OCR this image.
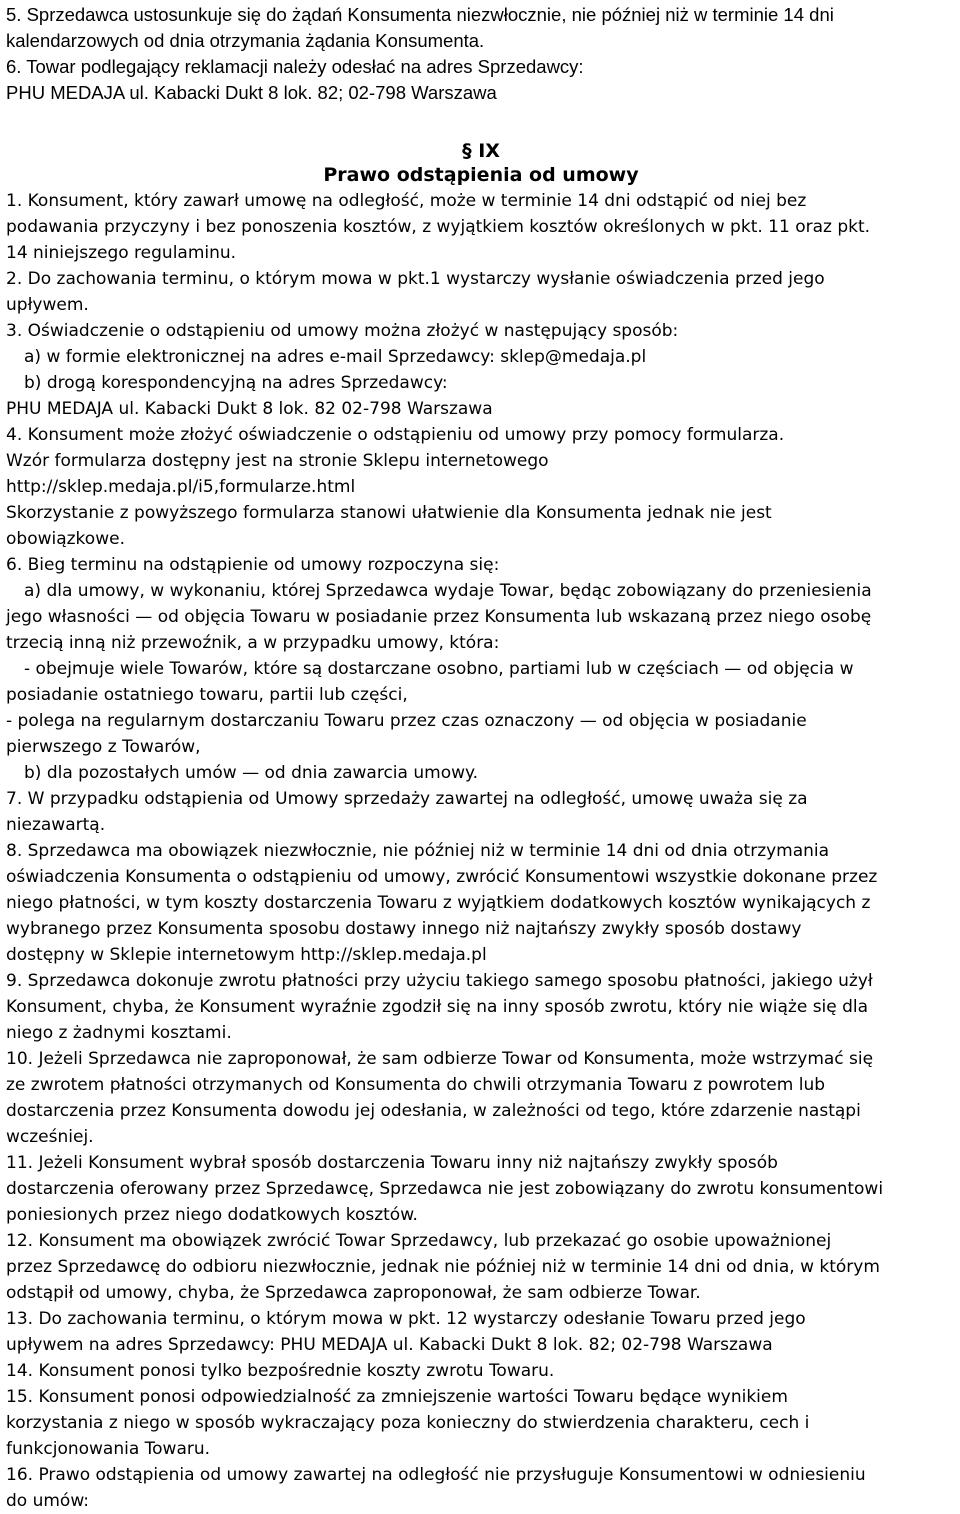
5. Sprzedawca ustosunkuje się do żądań Konsumenta niezwłocznie, nie później niż w terminie 14 dni
kalendarzowych od dnia otrzymania żądania Konsumenta.
6. Towar podlegający reklamacji należy odesłać na adres Sprzedawcy:
PHU MEDAJA ul. Kabacki Dukt 8 lok. 82; 02-798 Warszawa
§ IX
Prawo odstąpienia od umowy
1. Konsument, który zawarł umowę na odległość, może w terminie 14 dni odstąpić od niej bez
podawania przyczyny i bez ponoszenia kosztów, z wyjątkiem kosztów określonych w pkt. 11 oraz pkt.
14 niniejszego regulaminu.
2. Do zachowania terminu, o którym mowa w pkt.1 wystarczy wysłanie oświadczenia przed jego
upływem.
3. Oświadczenie o odstąpieniu od umowy można złożyć w następujący sposób:
a) w formie elektronicznej na adres e-mail Sprzedawcy: sklep@medaja.pl
b) drogą korespondencyjną na adres Sprzedawcy:
PHU MEDAJA ul. Kabacki Dukt 8 lok. 82 02-798 Warszawa
4. Konsument może złożyć oświadczenie o odstąpieniu od umowy przy pomocy formularza.
Wzór formularza dostępny jest na stronie Sklepu internetowego
http://sklep.medaja.pl/i5,formularze.html
Skorzystanie z powyższego formularza stanowi ułatwienie dla Konsumenta jednak nie jest
obowiązkowe.
6. Bieg terminu na odstąpienie od umowy rozpoczyna się:
a) dla umowy, w wykonaniu, której Sprzedawca wydaje Towar, będąc zobowiązany do przeniesienia
jego własności — od objęcia Towaru w posiadanie przez Konsumenta lub wskazaną przez niego osobę
trzecią inną niż przewoźnik, a w przypadku umowy, która:
- obejmuje wiele Towarów, które są dostarczane osobno, partiami lub w częściach — od objęcia w
posiadanie ostatniego towaru, partii lub części,
- polega na regularnym dostarczaniu Towaru przez czas oznaczony — od objęcia w posiadanie
pierwszego z Towarów,
b) dla pozostałych umów — od dnia zawarcia umowy.
7. W przypadku odstąpienia od Umowy sprzedaży zawartej na odległość, umowę uważa się za
niezawartą.
8. Sprzedawca ma obowiązek niezwłocznie, nie później niż w terminie 14 dni od dnia otrzymania
oświadczenia Konsumenta o odstąpieniu od umowy, zwrócić Konsumentowi wszystkie dokonane przez
niego płatności, w tym koszty dostarczenia Towaru z wyjątkiem dodatkowych kosztów wynikających z
wybranego przez Konsumenta sposobu dostawy innego niż najtańszy zwykły sposób dostawy
dostępny w Sklepie internetowym http://sklep.medaja.pl
9. Sprzedawca dokonuje zwrotu płatności przy użyciu takiego samego sposobu płatności, jakiego użył
Konsument, chyba, że Konsument wyraźnie zgodził się na inny sposób zwrotu, który nie wiąże się dla
niego z żadnymi kosztami.
10. Jeżeli Sprzedawca nie zaproponował, że sam odbierze Towar od Konsumenta, może wstrzymać się
ze zwrotem płatności otrzymanych od Konsumenta do chwili otrzymania Towaru z powrotem lub
dostarczenia przez Konsumenta dowodu jej odesłania, w zależności od tego, które zdarzenie nastąpi
wcześniej.
11. Jeżeli Konsument wybrał sposób dostarczenia Towaru inny niż najtańszy zwykły sposób
dostarczenia oferowany przez Sprzedawcę, Sprzedawca nie jest zobowiązany do zwrotu konsumentowi
poniesionych przez niego dodatkowych kosztów.
12. Konsument ma obowiązek zwrócić Towar Sprzedawcy, lub przekazać go osobie upoważnionej
przez Sprzedawcę do odbioru niezwłocznie, jednak nie później niż w terminie 14 dni od dnia, w którym
odstąpił od umowy, chyba, że Sprzedawca zaproponował, że sam odbierze Towar.
13. Do zachowania terminu, o którym mowa w pkt. 12 wystarczy odesłanie Towaru przed jego
upływem na adres Sprzedawcy: PHU MEDAJA ul. Kabacki Dukt 8 lok. 82; 02-798 Warszawa
14. Konsument ponosi tylko bezpośrednie koszty zwrotu Towaru.
15. Konsument ponosi odpowiedzialność za zmniejszenie wartości Towaru będące wynikiem
korzystania z niego w sposób wykraczający poza konieczny do stwierdzenia charakteru, cech i
funkcjonowania Towaru.
16. Prawo odstąpienia od umowy zawartej na odległość nie przysługuje Konsumentowi w odniesieniu
do umów:
